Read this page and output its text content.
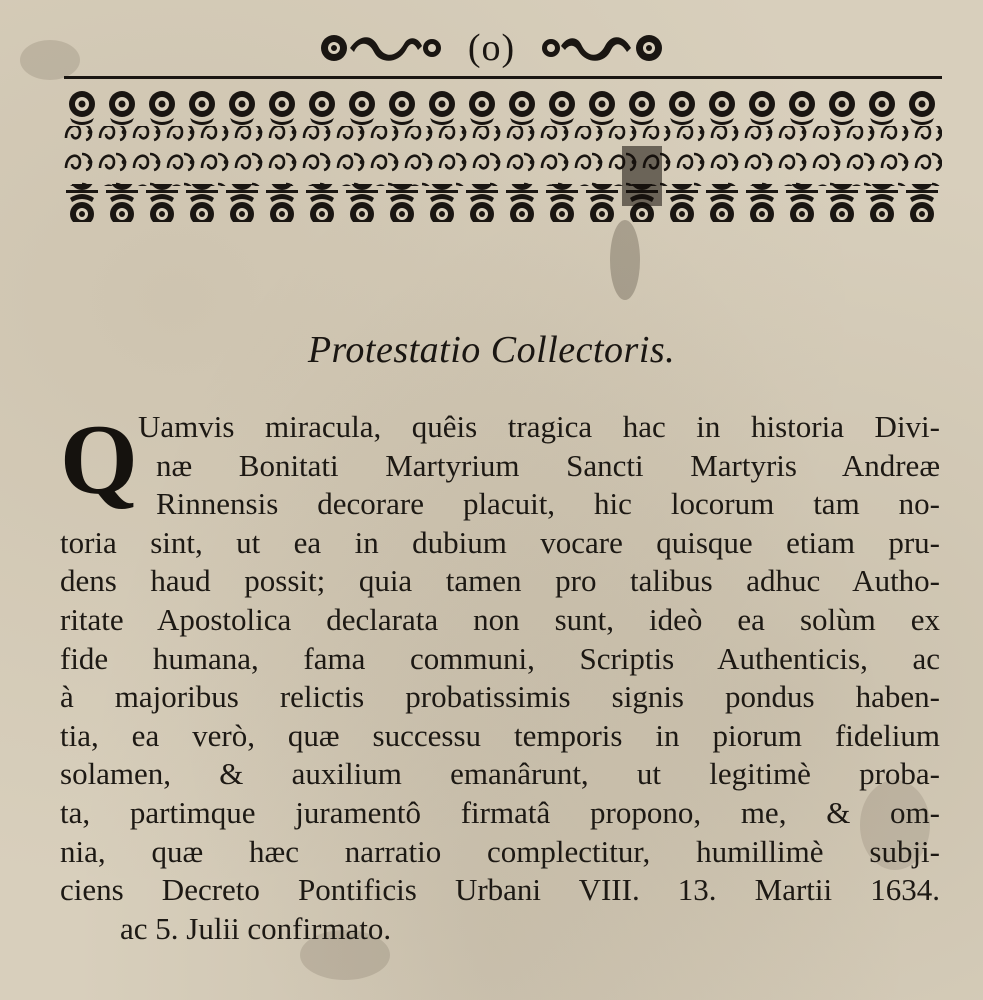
(o)
Protestatio Collectoris.
Q Uamvis miracula, quêis tragica hac in historia Divi-
næ Bonitati Martyrium Sancti Martyris Andreæ
Rinnensis decorare placuit, hic locorum tam no-
toria sint, ut ea in dubium vocare quisque etiam pru-
dens haud possit; quia tamen pro talibus adhuc Autho-
ritate Apostolica declarata non sunt, ideò ea solùm ex
fide humana, fama communi, Scriptis Authenticis, ac
à majoribus relictis probatissimis signis pondus haben-
tia, ea verò, quæ successu temporis in piorum fidelium
solamen, & auxilium emanârunt, ut legitimè proba-
ta, partimque juramentô firmatâ propono, me, & om-
nia, quæ hæc narratio complectitur, humillimè subji-
ciens Decreto Pontificis Urbani VIII. 13. Martii 1634.
ac 5. Julii confirmato.
